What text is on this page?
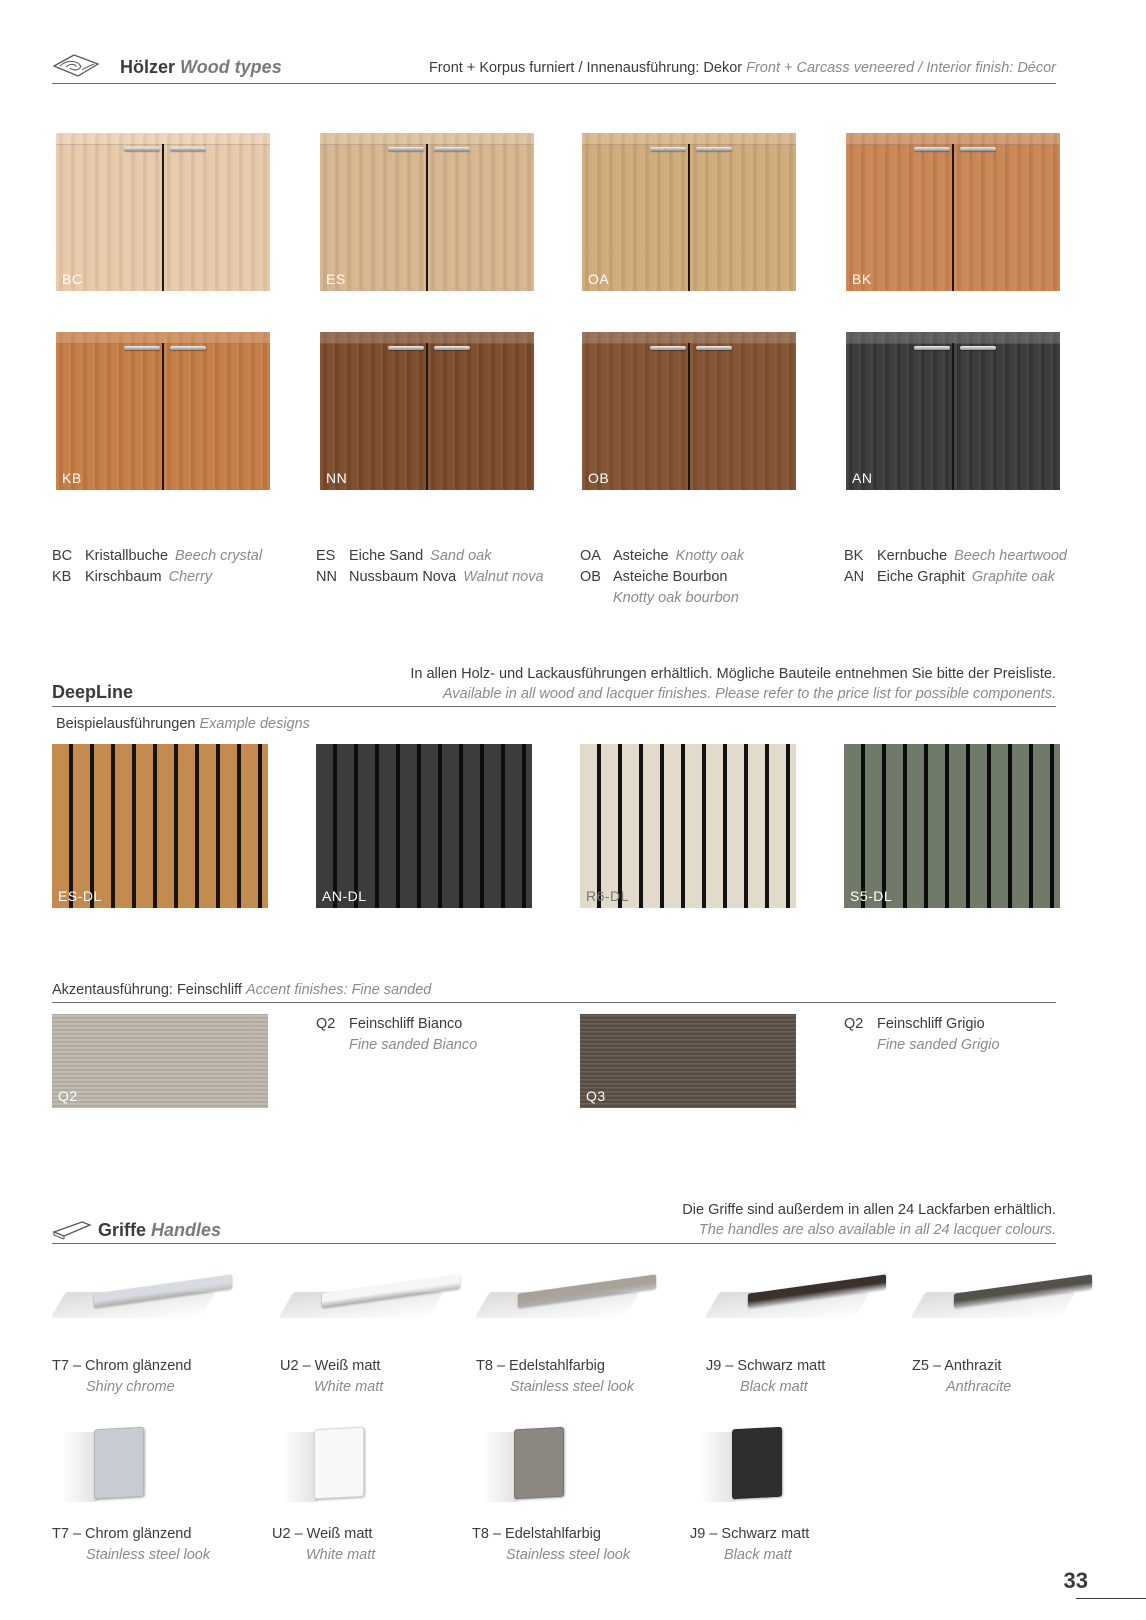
Hölzer Wood types	Front + Korpus furniert / Innenausführung: Dekor Front + Carcass veneered / Interior finish: Décor
BC	ES	OA	BK
KB	NN	OB	AN
BC Kristallbuche Beech crystal
KB Kirschbaum Cherry
ES Eiche Sand Sand oak
NN Nussbaum Nova Walnut nova
OA Asteiche Knotty oak
OB Asteiche Bourbon
Knotty oak bourbon
BK Kernbuche Beech heartwood
AN Eiche Graphit Graphite oak
In allen Holz- und Lackausführungen erhältlich. Mögliche Bauteile entnehmen Sie bitte der Preisliste.
DeepLine	Available in all wood and lacquer finishes. Please refer to the price list for possible components.
Beispielausführungen Example designs
ES-DL	AN-DL	R6-DL	S5-DL
Akzentausführung: Feinschliff Accent finishes: Fine sanded
Q2
Q2 Feinschliff Bianco
Fine sanded Bianco
Q3
Q2 Feinschliff Grigio
Fine sanded Grigio
Die Griffe sind außerdem in allen 24 Lackfarben erhältlich.
Griffe Handles	The handles are also available in all 24 lacquer colours.
T7 – Chrom glänzend
Shiny chrome
U2 – Weiß matt
White matt
T8 – Edelstahlfarbig
Stainless steel look
J9 – Schwarz matt
Black matt
Z5 – Anthrazit
Anthracite
T7 – Chrom glänzend
Stainless steel look
U2 – Weiß matt
White matt
T8 – Edelstahlfarbig
Stainless steel look
J9 – Schwarz matt
Black matt
33
